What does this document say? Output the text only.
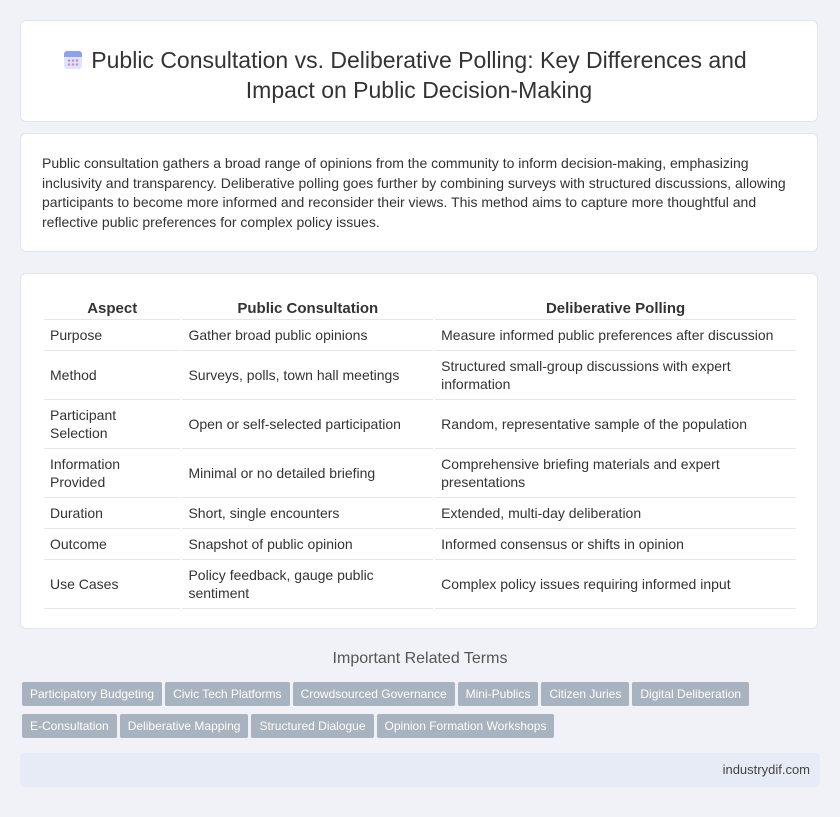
Public Consultation vs. Deliberative Polling: Key Differences and
Impact on Public Decision-Making

Public consultation gathers a broad range of opinions from the community to inform decision-making, emphasizing inclusivity and transparency. Deliberative polling goes further by combining surveys with structured discussions, allowing participants to become more informed and reconsider their views. This method aims to capture more thoughtful and reflective public preferences for complex policy issues.

Aspect	Public Consultation	Deliberative Polling
Purpose	Gather broad public opinions	Measure informed public preferences after discussion
Method	Surveys, polls, town hall meetings	Structured small-group discussions with expert information
Participant Selection	Open or self-selected participation	Random, representative sample of the population
Information Provided	Minimal or no detailed briefing	Comprehensive briefing materials and expert presentations
Duration	Short, single encounters	Extended, multi-day deliberation
Outcome	Snapshot of public opinion	Informed consensus or shifts in opinion
Use Cases	Policy feedback, gauge public sentiment	Complex policy issues requiring informed input
Important Related Terms
Participatory Budgeting Civic Tech Platforms Crowdsourced Governance Mini-Publics Citizen Juries Digital DeliberationE-Consultation Deliberative Mapping Structured Dialogue Opinion Formation Workshops
industrydif.com
